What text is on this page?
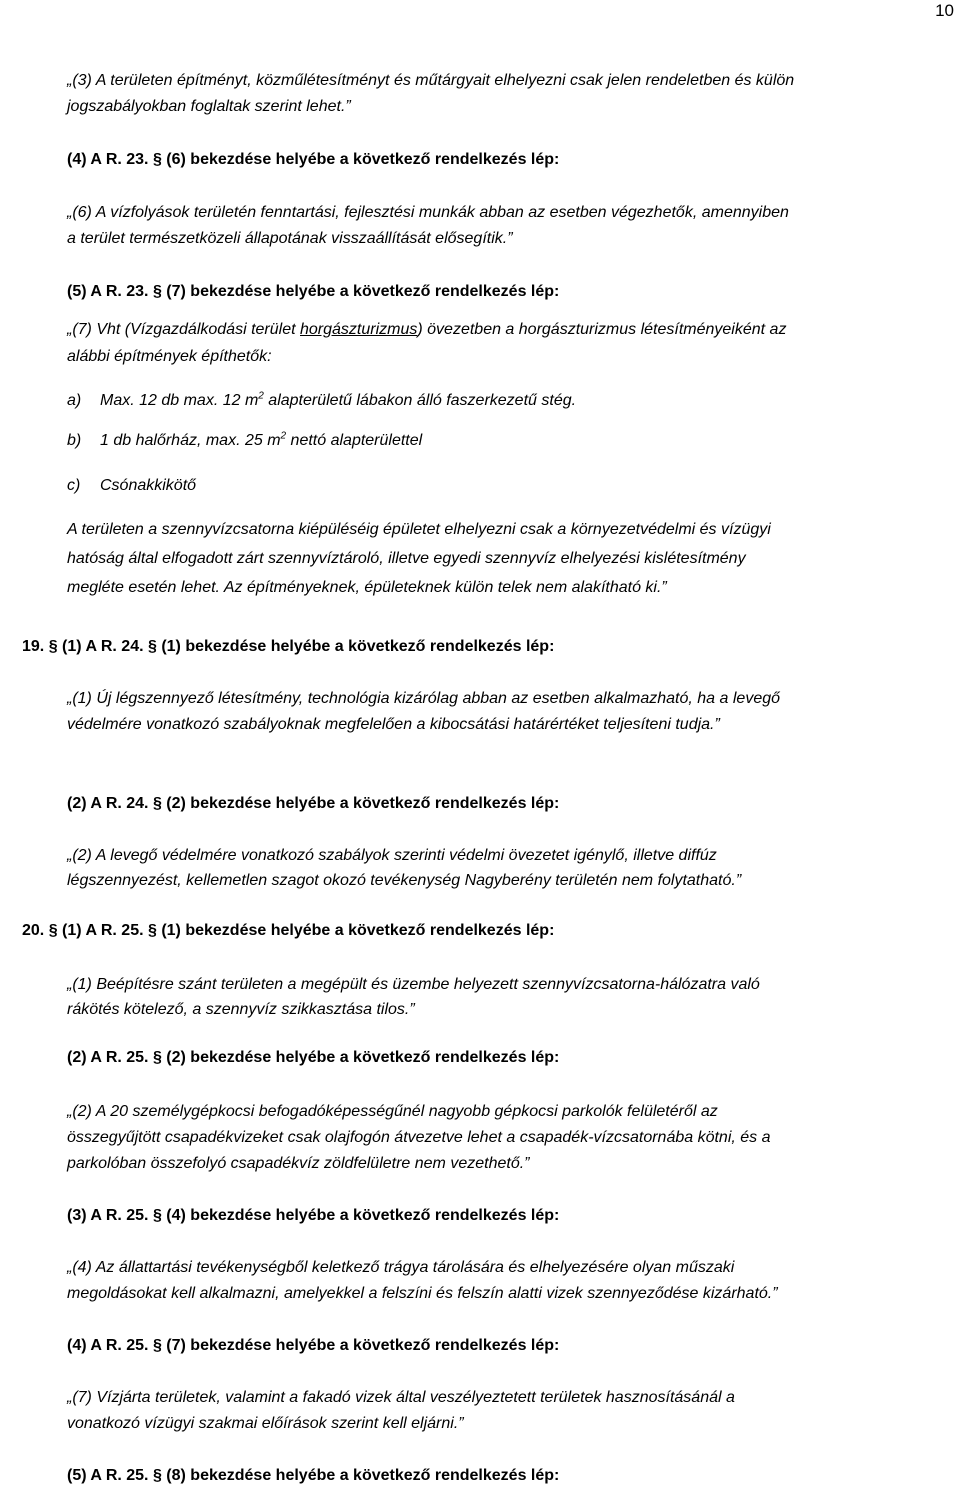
10
„(3) A területen építményt, közműlétesítményt és műtárgyait elhelyezni csak jelen rendeletben és külön
jogszabályokban foglaltak szerint lehet.”
(4) A R. 23. § (6) bekezdése helyébe a következő rendelkezés lép:
„(6) A vízfolyások területén fenntartási, fejlesztési munkák abban az esetben végezhetők, amennyiben
a terület természetközeli állapotának visszaállítását elősegítik.”
(5) A R. 23. § (7) bekezdése helyébe a következő rendelkezés lép:
„(7) Vht (Vízgazdálkodási terület horgászturizmus) övezetben a horgászturizmus létesítményeiként az
alábbi építmények építhetők:
a) Max. 12 db max. 12 $m^2$ alapterületű lábakon álló faszerkezetű stég.
b) 1 db halőrház, max. 25 $m^2$ nettó alapterülettel
c) Csónakkikötő
A területen a szennyvízcsatorna kiépüléséig épületet elhelyezni csak a környezetvédelmi és vízügyi
hatóság által elfogadott zárt szennyvíztároló, illetve egyedi szennyvíz elhelyezési kislétesítmény
megléte esetén lehet. Az építményeknek, épületeknek külön telek nem alakítható ki.”
19. § (1) A R. 24. § (1) bekezdése helyébe a következő rendelkezés lép:
„(1) Új légszennyező létesítmény, technológia kizárólag abban az esetben alkalmazható, ha a levegő
védelmére vonatkozó szabályoknak megfelelően a kibocsátási határértéket teljesíteni tudja.”
(2) A R. 24. § (2) bekezdése helyébe a következő rendelkezés lép:
„(2) A levegő védelmére vonatkozó szabályok szerinti védelmi övezetet igénylő, illetve diffúz
légszennyezést, kellemetlen szagot okozó tevékenység Nagyberény területén nem folytatható.”
20. § (1) A R. 25. § (1) bekezdése helyébe a következő rendelkezés lép:
„(1) Beépítésre szánt területen a megépült és üzembe helyezett szennyvízcsatorna-hálózatra való
rákötés kötelező, a szennyvíz szikkasztása tilos.”
(2) A R. 25. § (2) bekezdése helyébe a következő rendelkezés lép:
„(2) A 20 személygépkocsi befogadóképességűnél nagyobb gépkocsi parkolók felületéről az
összegyűjtött csapadékvizeket csak olajfogón átvezetve lehet a csapadék-vízcsatornába kötni, és a
parkolóban összefolyó csapadékvíz zöldfelületre nem vezethető.”
(3) A R. 25. § (4) bekezdése helyébe a következő rendelkezés lép:
„(4) Az állattartási tevékenységből keletkező trágya tárolására és elhelyezésére olyan műszaki
megoldásokat kell alkalmazni, amelyekkel a felszíni és felszín alatti vizek szennyeződése kizárható.”
(4) A R. 25. § (7) bekezdése helyébe a következő rendelkezés lép:
„(7) Vízjárta területek, valamint a fakadó vizek által veszélyeztetett területek hasznosításánál a
vonatkozó vízügyi szakmai előírások szerint kell eljárni.”
(5) A R. 25. § (8) bekezdése helyébe a következő rendelkezés lép:
